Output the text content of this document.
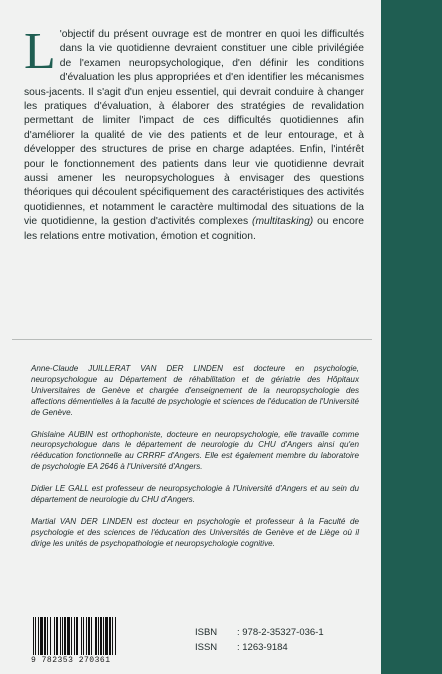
L 'objectif du présent ouvrage est de montrer en quoi les difficultés dans la vie quotidienne devraient constituer une cible privilégiée de l'examen neuropsychologique, d'en définir les conditions d'évaluation les plus appropriées et d'en identifier les mécanismes sous-jacents. Il s'agit d'un enjeu essentiel, qui devrait conduire à changer les pratiques d'évaluation, à élaborer des stratégies de revalidation permettant de limiter l'impact de ces difficultés quotidiennes afin d'améliorer la qualité de vie des patients et de leur entourage, et à développer des structures de prise en charge adaptées. Enfin, l'intérêt pour le fonctionnement des patients dans leur vie quotidienne devrait aussi amener les neuropsychologues à envisager des questions théoriques qui découlent spécifiquement des caractéristiques des activités quotidiennes, et notamment le caractère multimodal des situations de la vie quotidienne, la gestion d'activités complexes (multitasking) ou encore les relations entre motivation, émotion et cognition.

Anne-Claude JUILLERAT VAN DER LINDEN est docteure en psychologie, neuropsychologue au Département de réhabilitation et de gériatrie des Hôpitaux Universitaires de Genève et chargée d'enseignement de la neuropsychologie des affections démentielles à la faculté de psychologie et sciences de l'éducation de l'Université de Genève.

Ghislaine AUBIN est orthophoniste, docteure en neuropsychologie, elle travaille comme neuropsychologue dans le département de neurologie du CHU d'Angers ainsi qu'en rééducation fonctionnelle au CRRRF d'Angers. Elle est également membre du laboratoire de psychologie EA 2646 à l'Université d'Angers.

Didier LE GALL est professeur de neuropsychologie à l'Université d'Angers et au sein du département de neurologie du CHU d'Angers.

Martial VAN DER LINDEN est docteur en psychologie et professeur à la Faculté de psychologie et des sciences de l'éducation des Universités de Genève et de Liège où il dirige les unités de psychopathologie et neuropsychologie cognitive.

9 782353 270361
ISBN	: 978-2-35327-036-1
ISSN	: 1263-9184
